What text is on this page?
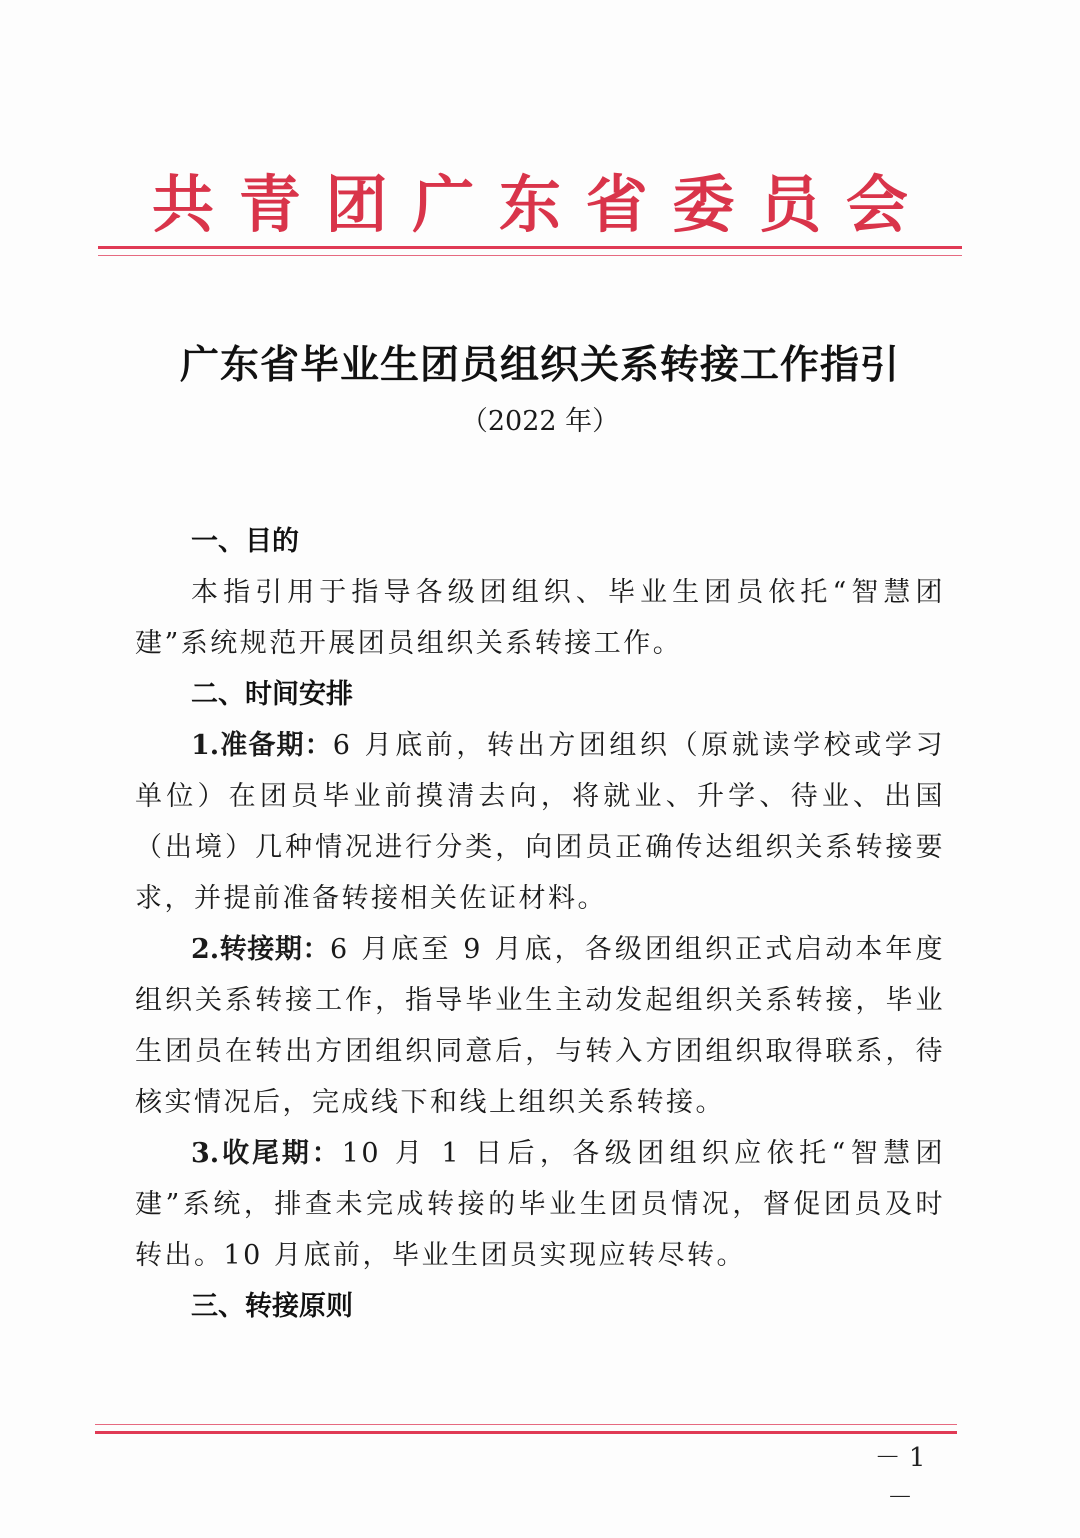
共 青 团 广 东 省 委 员 会
广东省毕业生团员组织关系转接工作指引
（2022 年）
一、目的

本指引用于指导各级团组织、毕业生团员依托“智慧团建”系统规范开展团员组织关系转接工作。

二、时间安排

1.准备期：6 月底前，转出方团组织（原就读学校或学习单位）在团员毕业前摸清去向，将就业、升学、待业、出国（出境）几种情况进行分类，向团员正确传达组织关系转接要求，并提前准备转接相关佐证材料。

2.转接期：6 月底至 9 月底，各级团组织正式启动本年度组织关系转接工作，指导毕业生主动发起组织关系转接，毕业生团员在转出方团组织同意后，与转入方团组织取得联系，待核实情况后，完成线下和线上组织关系转接。

3.收尾期：10 月 1 日后，各级团组织应依托“智慧团建”系统，排查未完成转接的毕业生团员情况，督促团员及时转出。10 月底前，毕业生团员实现应转尽转。

三、转接原则
－ 1 －
